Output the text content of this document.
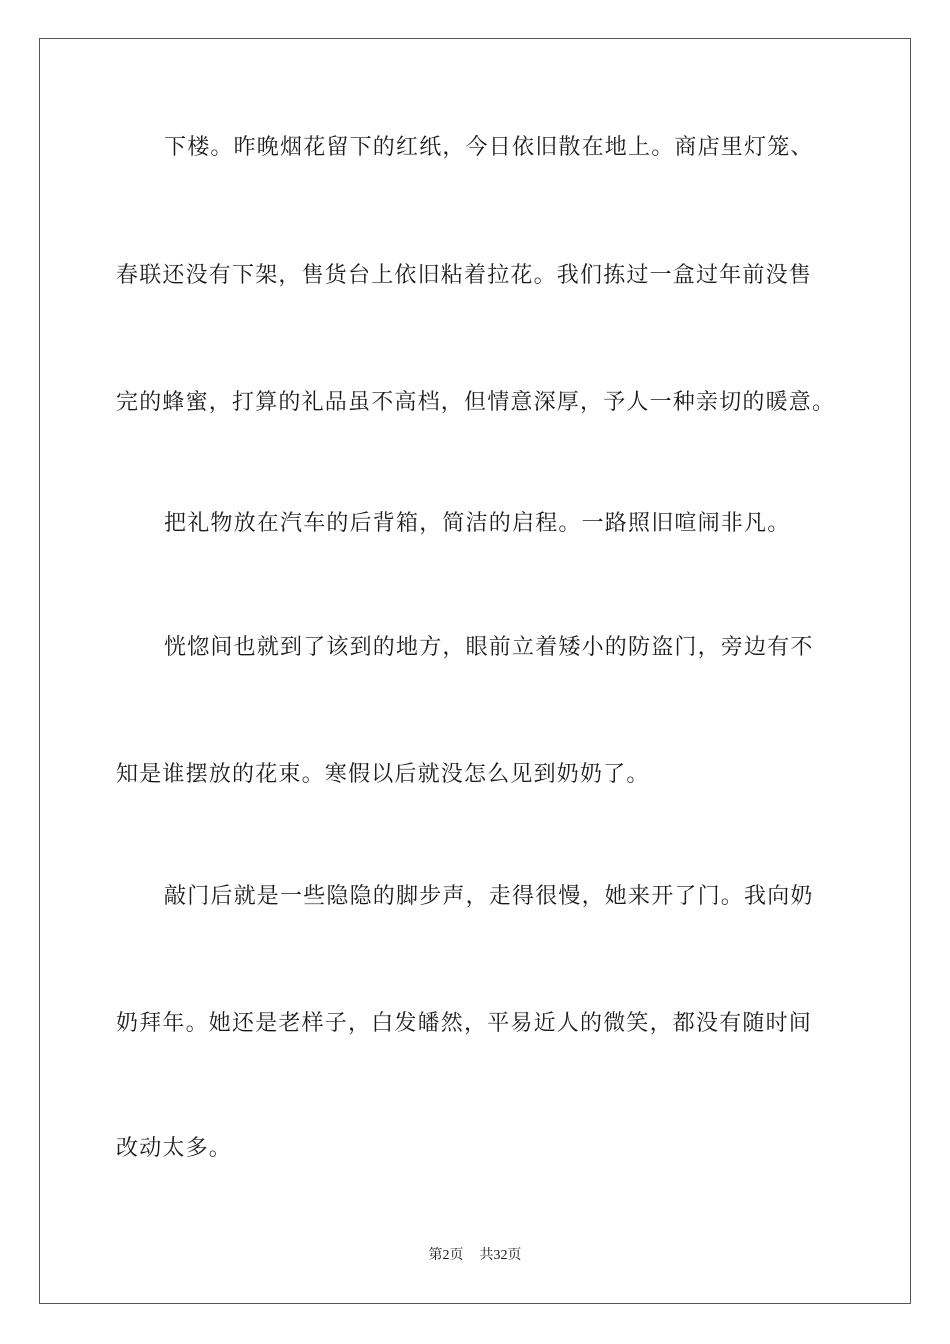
下楼。昨晚烟花留下的红纸，今日依旧散在地上。商店里灯笼、
春联还没有下架，售货台上依旧粘着拉花。我们拣过一盒过年前没售
完的蜂蜜，打算的礼品虽不高档，但情意深厚，予人一种亲切的暖意。
把礼物放在汽车的后背箱，简洁的启程。一路照旧喧闹非凡。
恍惚间也就到了该到的地方，眼前立着矮小的防盗门，旁边有不
知是谁摆放的花束。寒假以后就没怎么见到奶奶了。
敲门后就是一些隐隐的脚步声，走得很慢，她来开了门。我向奶
奶拜年。她还是老样子，白发皤然，平易近人的微笑，都没有随时间
改动太多。
第2页 共32页
